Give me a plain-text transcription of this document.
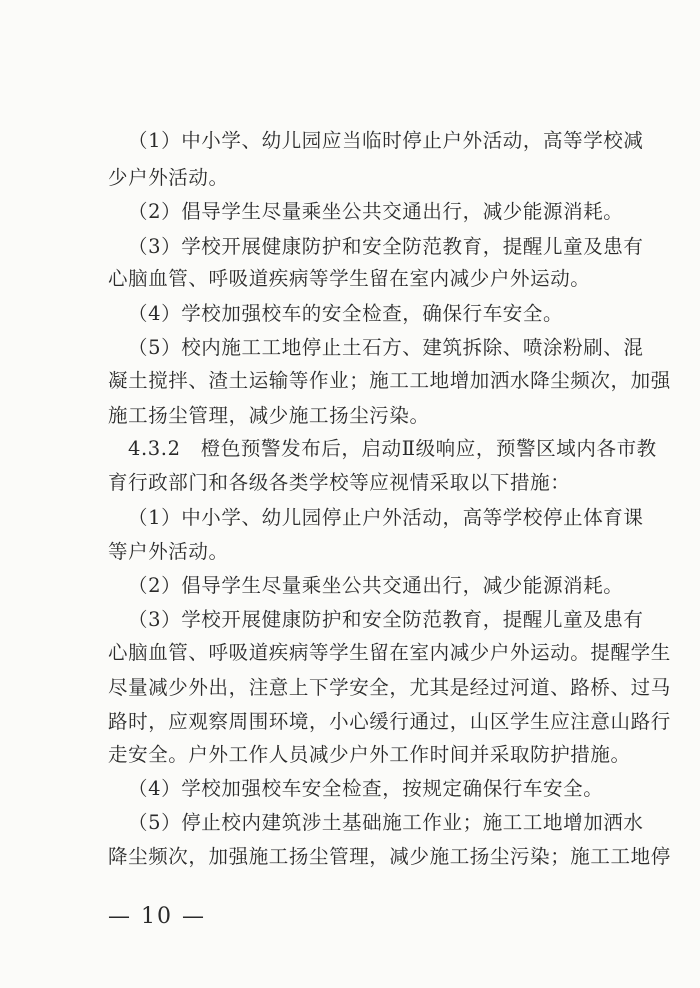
（1）中小学、幼儿园应当临时停止户外活动，高等学校减
少户外活动。
（2）倡导学生尽量乘坐公共交通出行，减少能源消耗。
（3）学校开展健康防护和安全防范教育，提醒儿童及患有
心脑血管、呼吸道疾病等学生留在室内减少户外运动。
（4）学校加强校车的安全检查，确保行车安全。
（5）校内施工工地停止土石方、建筑拆除、喷涂粉刷、混
凝土搅拌、渣土运输等作业；施工工地增加洒水降尘频次，加强
施工扬尘管理，减少施工扬尘污染。
4.3.2　橙色预警发布后，启动Ⅱ级响应，预警区域内各市教
育行政部门和各级各类学校等应视情采取以下措施：
（1）中小学、幼儿园停止户外活动，高等学校停止体育课
等户外活动。
（2）倡导学生尽量乘坐公共交通出行，减少能源消耗。
（3）学校开展健康防护和安全防范教育，提醒儿童及患有
心脑血管、呼吸道疾病等学生留在室内减少户外运动。提醒学生
尽量减少外出，注意上下学安全，尤其是经过河道、路桥、过马
路时，应观察周围环境，小心缓行通过，山区学生应注意山路行
走安全。户外工作人员减少户外工作时间并采取防护措施。
（4）学校加强校车安全检查，按规定确保行车安全。
（5）停止校内建筑涉土基础施工作业；施工工地增加洒水
降尘频次，加强施工扬尘管理，减少施工扬尘污染；施工工地停
— 10 —
